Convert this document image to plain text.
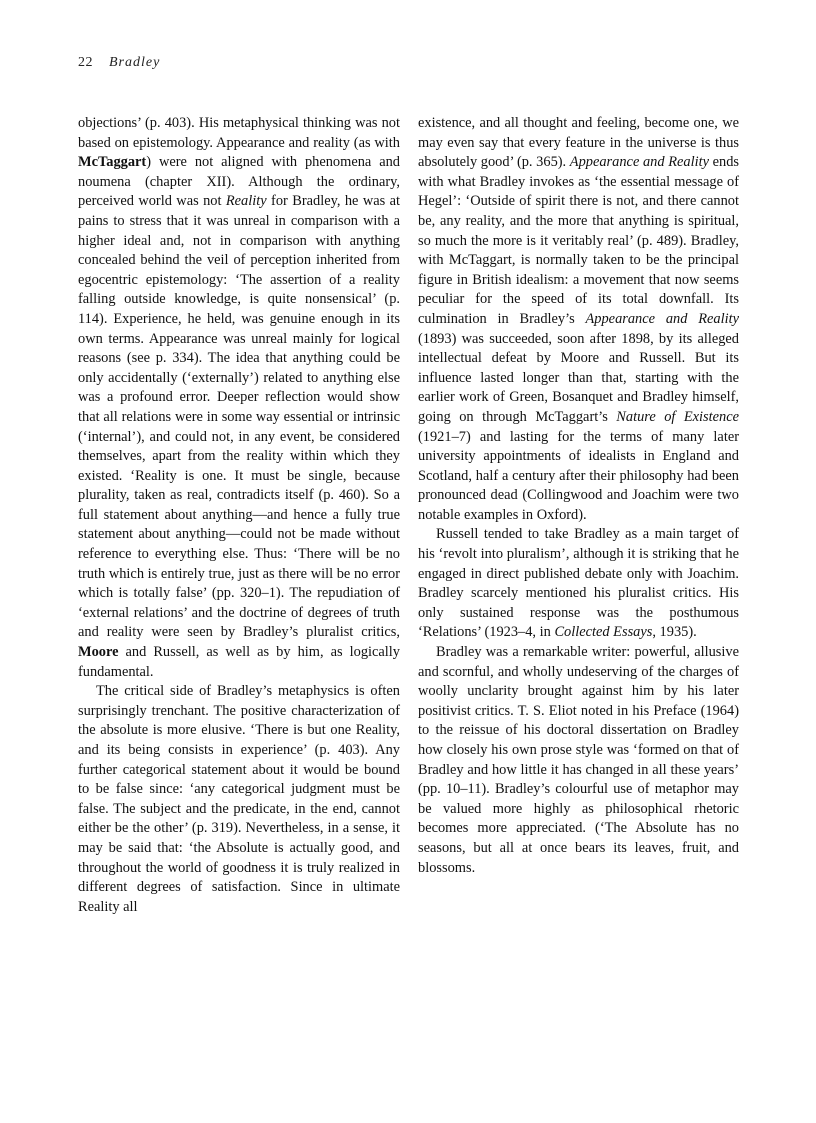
22 Bradley

objections’ (p. 403). His metaphysical thinking was not based on epistemology. Appearance and reality (as with McTaggart) were not aligned with phenomena and noumena (chapter XII). Although the ordinary, perceived world was not Reality for Bradley, he was at pains to stress that it was unreal in comparison with a higher ideal and, not in comparison with anything concealed behind the veil of perception inherited from egocentric epistemology: ‘The assertion of a reality falling outside knowledge, is quite nonsensical’ (p. 114). Experience, he held, was genuine enough in its own terms. Appearance was unreal mainly for logical reasons (see p. 334). The idea that anything could be only accidentally (‘externally’) related to anything else was a profound error. Deeper reflection would show that all relations were in some way essential or intrinsic (‘internal’), and could not, in any event, be considered themselves, apart from the reality within which they existed. ‘Reality is one. It must be single, because plurality, taken as real, contradicts itself (p. 460). So a full statement about anything—and hence a fully true statement about anything—could not be made without reference to everything else. Thus: ‘There will be no truth which is entirely true, just as there will be no error which is totally false’ (pp. 320–1). The repudiation of ‘external relations’ and the doctrine of degrees of truth and reality were seen by Bradley’s pluralist critics, Moore and Russell, as well as by him, as logically fundamental.

The critical side of Bradley’s metaphysics is often surprisingly trenchant. The positive characterization of the absolute is more elusive. ‘There is but one Reality, and its being consists in experience’ (p. 403). Any further categorical statement about it would be bound to be false since: ‘any categorical judgment must be false. The subject and the predicate, in the end, cannot either be the other’ (p. 319). Nevertheless, in a sense, it may be said that: ‘the Absolute is actually good, and throughout the world of goodness it is truly realized in different degrees of satisfaction. Since in ultimate Reality all

existence, and all thought and feeling, become one, we may even say that every feature in the universe is thus absolutely good’ (p. 365). Appearance and Reality ends with what Bradley invokes as ‘the essential message of Hegel’: ‘Outside of spirit there is not, and there cannot be, any reality, and the more that anything is spiritual, so much the more is it veritably real’ (p. 489). Bradley, with McTaggart, is normally taken to be the principal figure in British idealism: a movement that now seems peculiar for the speed of its total downfall. Its culmination in Bradley’s Appearance and Reality (1893) was succeeded, soon after 1898, by its alleged intellectual defeat by Moore and Russell. But its influence lasted longer than that, starting with the earlier work of Green, Bosanquet and Bradley himself, going on through McTaggart’s Nature of Existence (1921–7) and lasting for the terms of many later university appointments of idealists in England and Scotland, half a century after their philosophy had been pronounced dead (Collingwood and Joachim were two notable examples in Oxford).

Russell tended to take Bradley as a main target of his ‘revolt into pluralism’, although it is striking that he engaged in direct published debate only with Joachim. Bradley scarcely mentioned his pluralist critics. His only sustained response was the posthumous ‘Relations’ (1923–4, in Collected Essays, 1935).

Bradley was a remarkable writer: powerful, allusive and scornful, and wholly undeserving of the charges of woolly unclarity brought against him by his later positivist critics. T. S. Eliot noted in his Preface (1964) to the reissue of his doctoral dissertation on Bradley how closely his own prose style was ‘formed on that of Bradley and how little it has changed in all these years’ (pp. 10–11). Bradley’s colourful use of metaphor may be valued more highly as philosophical rhetoric becomes more appreciated. (‘The Absolute has no seasons, but all at once bears its leaves, fruit, and blossoms.
